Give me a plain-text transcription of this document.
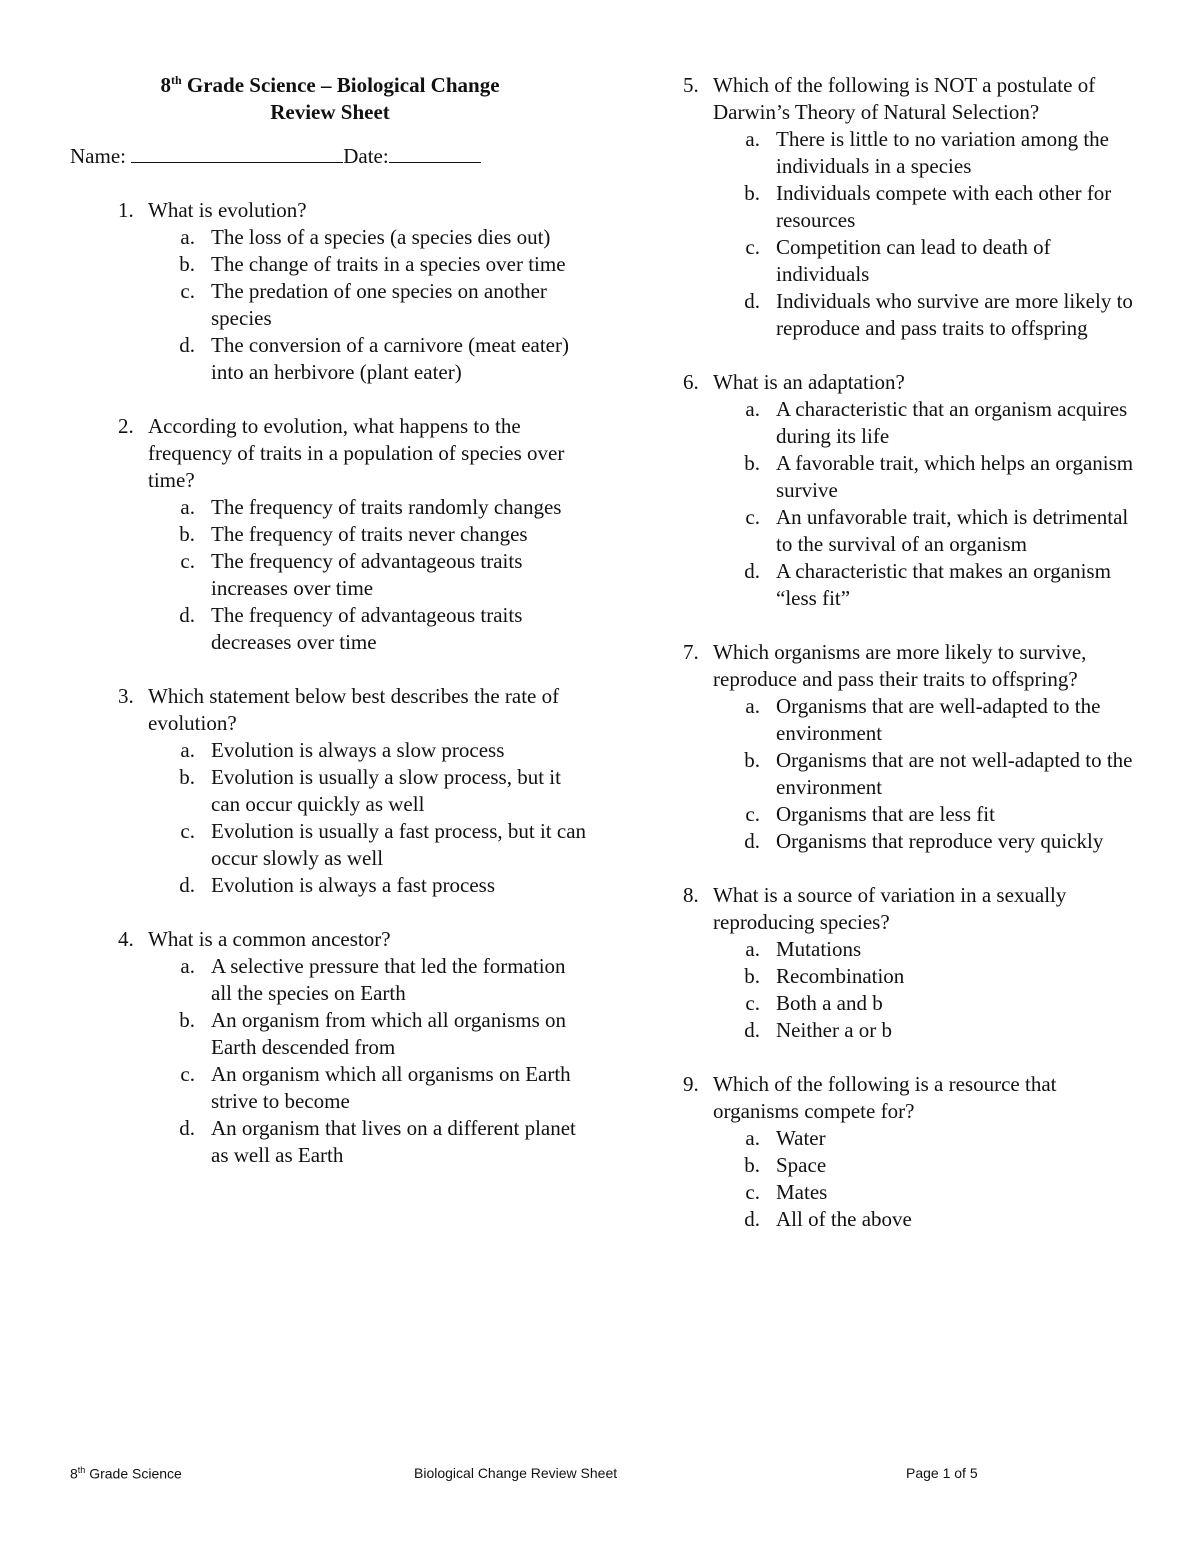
8th Grade Science – Biological Change
Review Sheet
Name:	Date:
1. What is evolution?
a. The loss of a species (a species dies out)
b. The change of traits in a species over time
c. The predation of one species on another species
d. The conversion of a carnivore (meat eater) into an herbivore (plant eater)
2. According to evolution, what happens to the frequency of traits in a population of species over time?
a. The frequency of traits randomly changes
b. The frequency of traits never changes
c. The frequency of advantageous traits increases over time
d. The frequency of advantageous traits decreases over time
3. Which statement below best describes the rate of evolution?
a. Evolution is always a slow process
b. Evolution is usually a slow process, but it can occur quickly as well
c. Evolution is usually a fast process, but it can occur slowly as well
d. Evolution is always a fast process
4. What is a common ancestor?
a. A selective pressure that led the formation all the species on Earth
b. An organism from which all organisms on Earth descended from
c. An organism which all organisms on Earth strive to become
d. An organism that lives on a different planet as well as Earth
5. Which of the following is NOT a postulate of Darwin’s Theory of Natural Selection?
a. There is little to no variation among the individuals in a species
b. Individuals compete with each other for resources
c. Competition can lead to death of individuals
d. Individuals who survive are more likely to reproduce and pass traits to offspring
6. What is an adaptation?
a. A characteristic that an organism acquires during its life
b. A favorable trait, which helps an organism survive
c. An unfavorable trait, which is detrimental to the survival of an organism
d. A characteristic that makes an organism “less fit”
7. Which organisms are more likely to survive, reproduce and pass their traits to offspring?
a. Organisms that are well-adapted to the environment
b. Organisms that are not well-adapted to the environment
c. Organisms that are less fit
d. Organisms that reproduce very quickly
8. What is a source of variation in a sexually reproducing species?
a. Mutations
b. Recombination
c. Both a and b
d. Neither a or b
9. Which of the following is a resource that organisms compete for?
a. Water
b. Space
c. Mates
d. All of the above
8th Grade Science	Biological Change Review Sheet	Page 1 of 5
